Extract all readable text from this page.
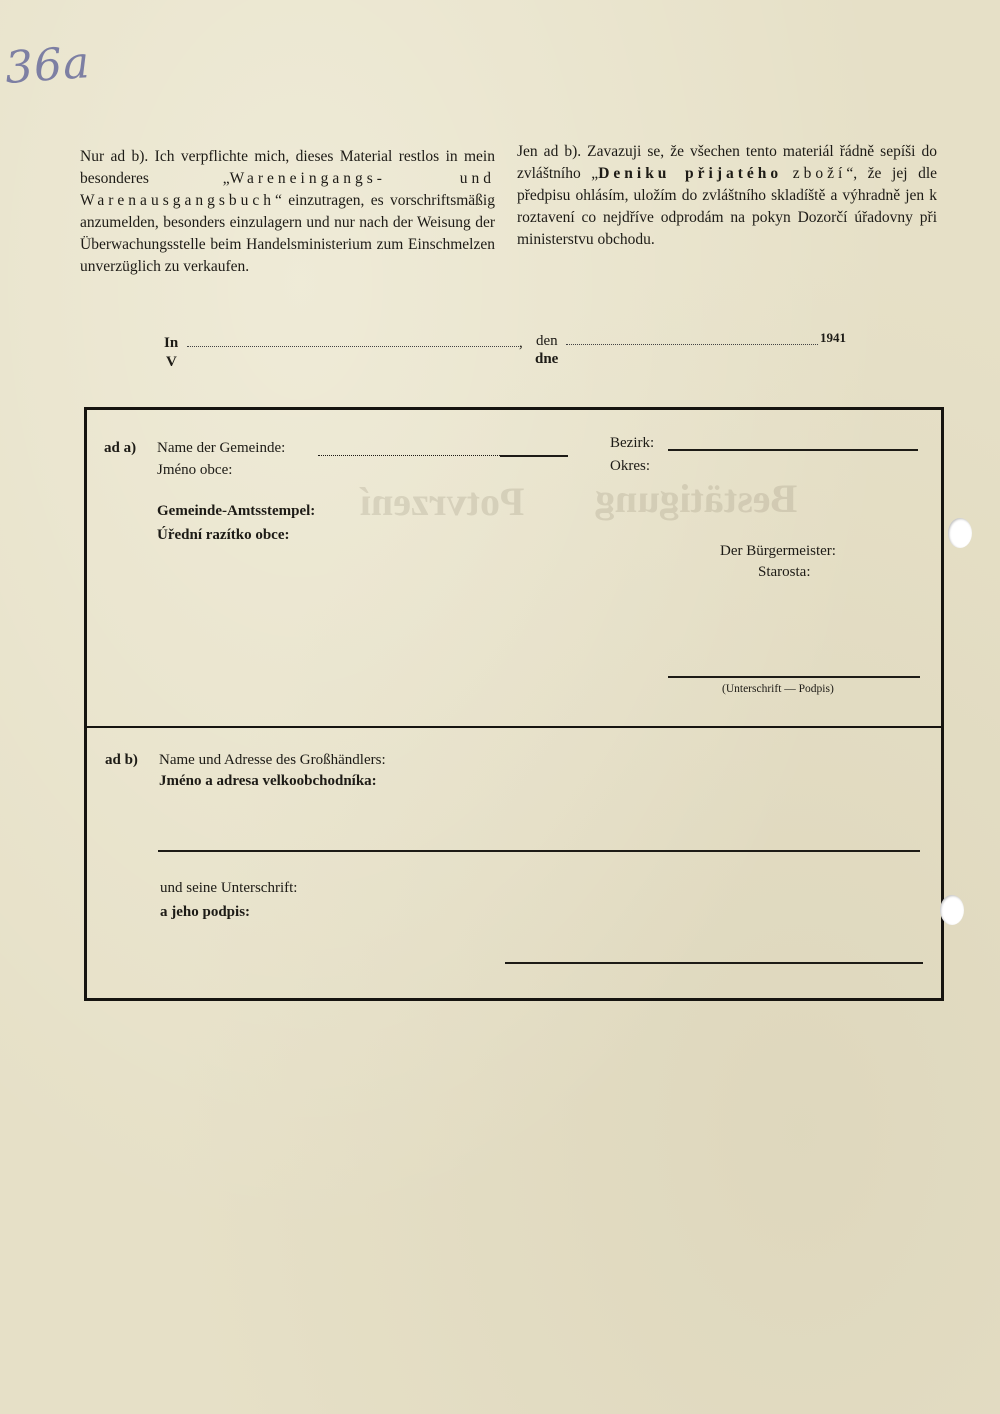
Bestätigung
Potvrzení
36a
Nur ad b). Ich verpflichte mich, dieses Material restlos in mein besonderes „Wareneingangs-	und Warenausgangsbuch“ einzutragen, es vorschriftsmäßig anzumelden, besonders einzulagern und nur nach der Weisung der Überwachungsstelle beim Handelsministerium zum Einschmelzen unverzüglich zu verkaufen.
Jen ad b). Zavazuji se, že všechen tento materiál řádně sepíši do zvláštního „Deniku přijatého zboží“, že jej dle předpisu ohlásím, uložím do zvláštního skladíště a výhradně jen k roztavení co nejdříve odprodám na pokyn Dozorčí úřadovny při ministerstvu obchodu.
In
V
, den
dne
1941
ad a) Name der Gemeinde:
Jméno obce:
Bezirk:
Okres:
Gemeinde-Amtsstempel:
Úřední razítko obce:
Der Bürgermeister:
Starosta:
(Unterschrift — Podpis)
ad b) Name und Adresse des Großhändlers:
Jméno a adresa velkoobchodníka:
und seine Unterschrift:
a jeho podpis:
